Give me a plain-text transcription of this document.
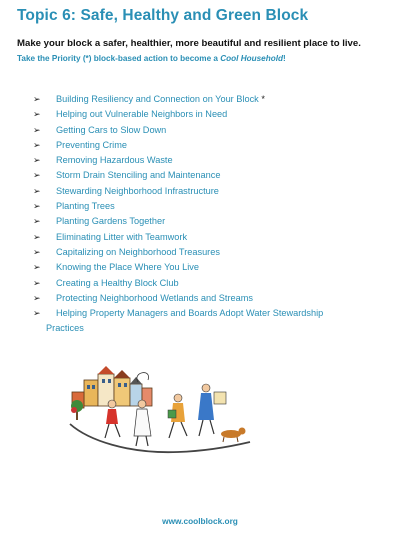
Topic 6: Safe, Healthy and Green Block
Make your block a safer, healthier, more beautiful and resilient place to live.
Take the Priority (*) block-based action to become a Cool Household!
➢ Building Resiliency and Connection on Your Block *
➢ Helping out Vulnerable Neighbors in Need
➢ Getting Cars to Slow Down
➢ Preventing Crime
➢ Removing Hazardous Waste
➢ Storm Drain Stenciling and Maintenance
➢ Stewarding Neighborhood Infrastructure
➢ Planting Trees
➢ Planting Gardens Together
➢ Eliminating Litter with Teamwork
➢ Capitalizing on Neighborhood Treasures
➢ Knowing the Place Where You Live
➢ Creating a Healthy Block Club
➢ Protecting Neighborhood Wetlands and Streams
➢ Helping Property Managers and Boards Adopt Water Stewardship
Practices
www.coolblock.org
